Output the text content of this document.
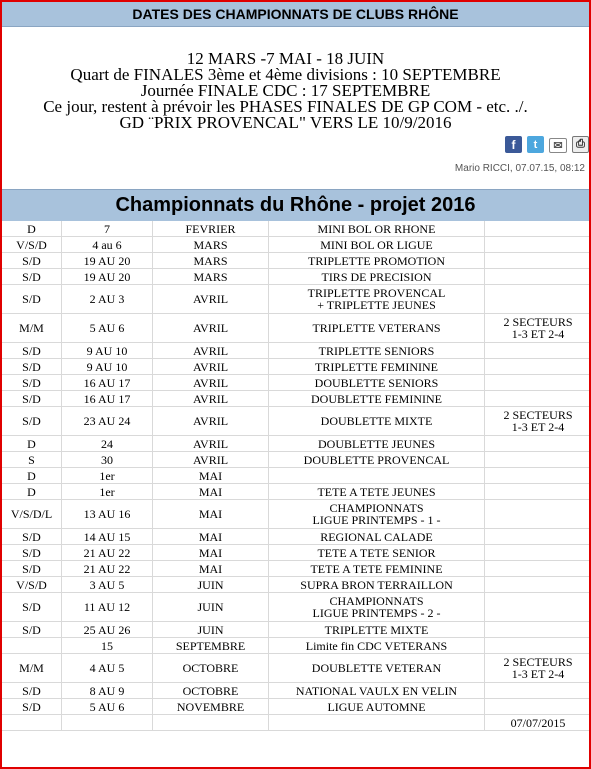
DATES DES CHAMPIONNATS DE CLUBS RHÔNE
12 MARS -7 MAI - 18 JUIN
Quart de FINALES 3ème et 4ème divisions : 10 SEPTEMBRE
Journée FINALE CDC : 17 SEPTEMBRE
Ce jour, restent à prévoir les PHASES FINALES DE GP COM - etc. ./.
GD ¨PRIX PROVENCAL" VERS LE 10/9/2016
f	t	✉	⎙
Mario RICCI, 07.07.15, 08:12
Championnats du Rhône - projet 2016
D	7	FEVRIER	MINI BOL OR RHONE	

V/S/D	4 au 6	MARS	MINI BOL OR LIGUE	

S/D	19 AU 20	MARS	TRIPLETTE PROMOTION	

S/D	19 AU 20	MARS	TIRS DE PRECISION	

S/D	2 AU 3	AVRIL	TRIPLETTE PROVENCAL
+ TRIPLETTE JEUNES	

M/M	5 AU 6	AVRIL	TRIPLETTE VETERANS	2 SECTEURS
1-3 ET 2-4

S/D	9 AU 10	AVRIL	TRIPLETTE SENIORS	

S/D	9 AU 10	AVRIL	TRIPLETTE FEMININE	

S/D	16 AU 17	AVRIL	DOUBLETTE SENIORS	

S/D	16 AU 17	AVRIL	DOUBLETTE FEMININE	

S/D	23 AU 24	AVRIL	DOUBLETTE MIXTE	2 SECTEURS
1-3 ET 2-4

D	24	AVRIL	DOUBLETTE JEUNES	

S	30	AVRIL	DOUBLETTE PROVENCAL	

D	1er	MAI		
D	1er	MAI	TETE A TETE JEUNES	

V/S/D/L	13 AU 16	MAI	CHAMPIONNATS
LIGUE PRINTEMPS - 1 -	

S/D	14 AU 15	MAI	REGIONAL CALADE	

S/D	21 AU 22	MAI	TETE A TETE SENIOR	

S/D	21 AU 22	MAI	TETE A TETE FEMININE	

V/S/D	3 AU 5	JUIN	SUPRA BRON TERRAILLON	

S/D	11 AU 12	JUIN	CHAMPIONNATS
LIGUE PRINTEMPS - 2 -	

S/D	25 AU 26	JUIN	TRIPLETTE MIXTE	

	15	SEPTEMBRE	Limite fin CDC VETERANS	

M/M	4 AU 5	OCTOBRE	DOUBLETTE VETERAN	2 SECTEURS
1-3 ET 2-4

S/D	8 AU 9	OCTOBRE	NATIONAL VAULX EN VELIN	

S/D	5 AU 6	NOVEMBRE	LIGUE AUTOMNE	

				07/07/2015
